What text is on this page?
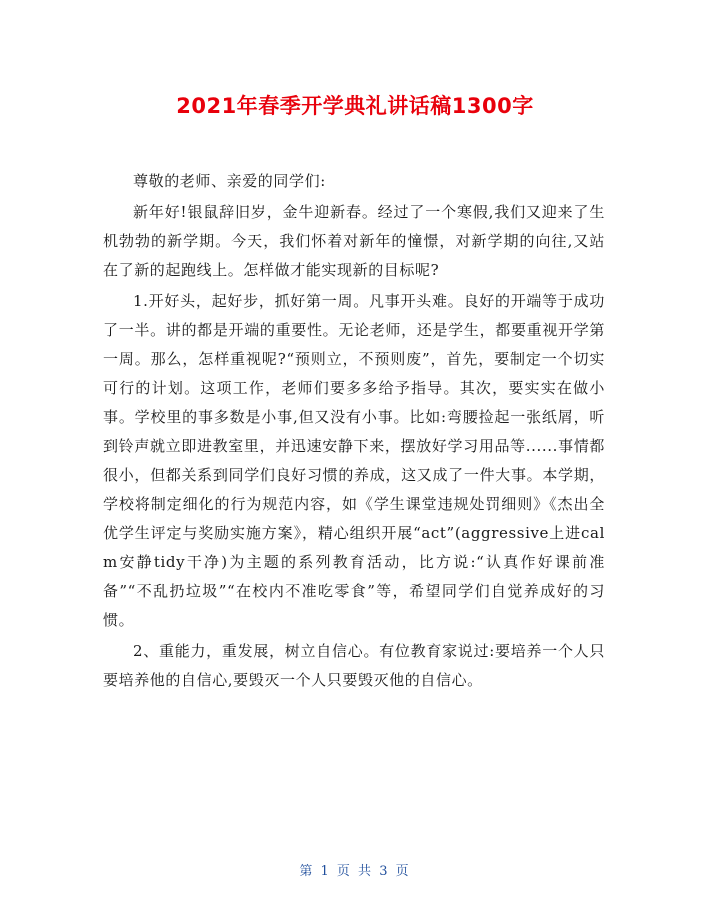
2021年春季开学典礼讲话稿1300字

尊敬的老师、亲爱的同学们:

新年好!银鼠辞旧岁，金牛迎新春。经过了一个寒假,我们又迎来了生机勃勃的新学期。今天，我们怀着对新年的憧憬，对新学期的向往,又站在了新的起跑线上。怎样做才能实现新的目标呢?

1.开好头，起好步，抓好第一周。凡事开头难。良好的开端等于成功了一半。讲的都是开端的重要性。无论老师，还是学生，都要重视开学第一周。那么，怎样重视呢?“预则立，不预则废”，首先，要制定一个切实可行的计划。这项工作，老师们要多多给予指导。其次，要实实在做小事。学校里的事多数是小事,但又没有小事。比如:弯腰捡起一张纸屑，听到铃声就立即进教室里，并迅速安静下来，摆放好学习用品等......事情都很小，但都关系到同学们良好习惯的养成，这又成了一件大事。本学期，学校将制定细化的行为规范内容，如《学生课堂违规处罚细则》《杰出全优学生评定与奖励实施方案》，精心组织开展“act”(aggressive上进calm安静tidy干净)为主题的系列教育活动，比方说:“认真作好课前准备”“不乱扔垃圾”“在校内不准吃零食”等，希望同学们自觉养成好的习惯。

2、重能力，重发展，树立自信心。有位教育家说过:要培养一个人只要培养他的自信心,要毁灭一个人只要毁灭他的自信心。

第 1 页 共 3 页
